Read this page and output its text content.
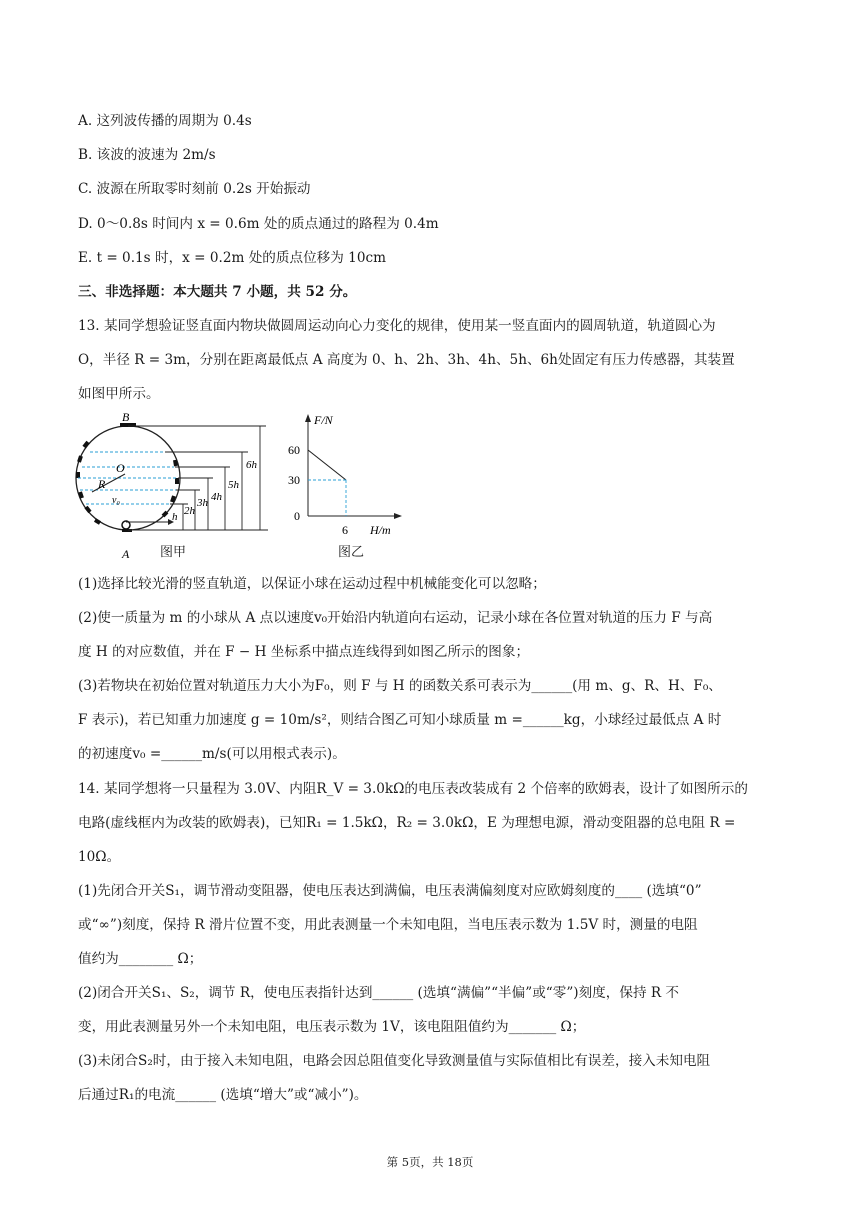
A. 这列波传播的周期为 0.4s
B. 该波的波速为 2m/s
C. 波源在所取零时刻前 0.2s 开始振动
D. 0～0.8s 时间内 x = 0.6m 处的质点通过的路程为 0.4m
E. t = 0.1s 时，x = 0.2m 处的质点位移为 10cm
三、非选择题：本大题共 7 小题，共 52 分。
13. 某同学想验证竖直面内物块做圆周运动向心力变化的规律，使用某一竖直面内的圆周轨道，轨道圆心为
O，半径 R = 3m，分别在距离最低点 A 高度为 0、h、2h、3h、4h、5h、6h处固定有压力传感器，其装置
如图甲所示。
B
A
O
R
v₀
h 2h
3h 4h
5h
6h
图甲
F/N
H/m
60
30
0
6
图乙
(1)选择比较光滑的竖直轨道，以保证小球在运动过程中机械能变化可以忽略；
(2)使一质量为 m 的小球从 A 点以速度v₀开始沿内轨道向右运动，记录小球在各位置对轨道的压力 F 与高
度 H 的对应数值，并在 F − H 坐标系中描点连线得到如图乙所示的图象；
(3)若物块在初始位置对轨道压力大小为F₀，则 F 与 H 的函数关系可表示为______(用 m、g、R、H、F₀、
F 表示)，若已知重力加速度 g = 10m/s²，则结合图乙可知小球质量 m =______kg，小球经过最低点 A 时
的初速度v₀ =______m/s(可以用根式表示)。
14. 某同学想将一只量程为 3.0V、内阻R_V = 3.0kΩ的电压表改装成有 2 个倍率的欧姆表，设计了如图所示的
电路(虚线框内为改装的欧姆表)，已知R₁ = 1.5kΩ，R₂ = 3.0kΩ，E 为理想电源，滑动变阻器的总电阻 R =
10Ω。
(1)先闭合开关S₁，调节滑动变阻器，使电压表达到满偏，电压表满偏刻度对应欧姆刻度的____ (选填“0”
或“∞”)刻度，保持 R 滑片位置不变，用此表测量一个未知电阻，当电压表示数为 1.5V 时，测量的电阻
值约为________ Ω；
(2)闭合开关S₁、S₂，调节 R，使电压表指针达到______ (选填“满偏”“半偏”或“零”)刻度，保持 R 不
变，用此表测量另外一个未知电阻，电压表示数为 1V，该电阻阻值约为_______ Ω；
(3)未闭合S₂时，由于接入未知电阻，电路会因总阻值变化导致测量值与实际值相比有误差，接入未知电阻
后通过R₁的电流______ (选填“增大”或“减小”)。
第 5页，共 18页
